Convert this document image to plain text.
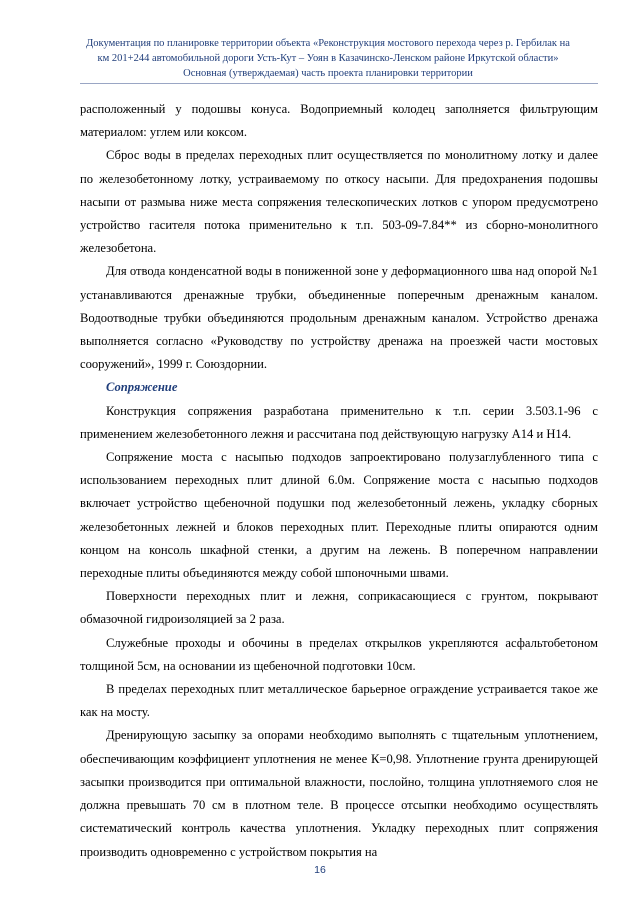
Документация по планировке территории объекта «Реконструкция мостового перехода через р. Гербилак на
км 201+244 автомобильной дороги Усть-Кут – Уоян в Казачинско-Ленском районе Иркутской области»
Основная (утверждаемая) часть проекта планировки территории

расположенный у подошвы конуса. Водоприемный колодец заполняется фильтрующим материалом: углем или коксом.

Сброс воды в пределах переходных плит осуществляется по монолитному лотку и далее по железобетонному лотку, устраиваемому по откосу насыпи. Для предохранения подошвы насыпи от размыва ниже места сопряжения телескопических лотков с упором предусмотрено устройство гасителя потока применительно к т.п. 503-09-7.84** из сборно-монолитного железобетона.

Для отвода конденсатной воды в пониженной зоне у деформационного шва над опорой №1 устанавливаются дренажные трубки, объединенные поперечным дренажным каналом. Водоотводные трубки объединяются продольным дренажным каналом. Устройство дренажа выполняется согласно «Руководству по устройству дренажа на проезжей части мостовых сооружений», 1999 г. Союздорнии.

Сопряжение

Конструкция сопряжения разработана применительно к т.п. серии 3.503.1-96 с применением железобетонного лежня и рассчитана под действующую нагрузку А14 и Н14.

Сопряжение моста с насыпью подходов запроектировано полузаглубленного типа с использованием переходных плит длиной 6.0м. Сопряжение моста с насыпью подходов включает устройство щебеночной подушки под железобетонный лежень, укладку сборных железобетонных лежней и блоков переходных плит. Переходные плиты опираются одним концом на консоль шкафной стенки, а другим на лежень. В поперечном направлении переходные плиты объединяются между собой шпоночными швами.

Поверхности переходных плит и лежня, соприкасающиеся с грунтом, покрывают обмазочной гидроизоляцией за 2 раза.

Служебные проходы и обочины в пределах открылков укрепляются асфальтобетоном толщиной 5см, на основании из щебеночной подготовки 10см.

В пределах переходных плит металлическое барьерное ограждение устраивается такое же как на мосту.

Дренирующую засыпку за опорами необходимо выполнять с тщательным уплотнением, обеспечивающим коэффициент уплотнения не менее К=0,98. Уплотнение грунта дренирующей засыпки производится при оптимальной влажности, послойно, толщина уплотняемого слоя не должна превышать 70 см в плотном теле. В процессе отсыпки необходимо осуществлять систематический контроль качества уплотнения. Укладку переходных плит сопряжения производить одновременно с устройством покрытия на

16
